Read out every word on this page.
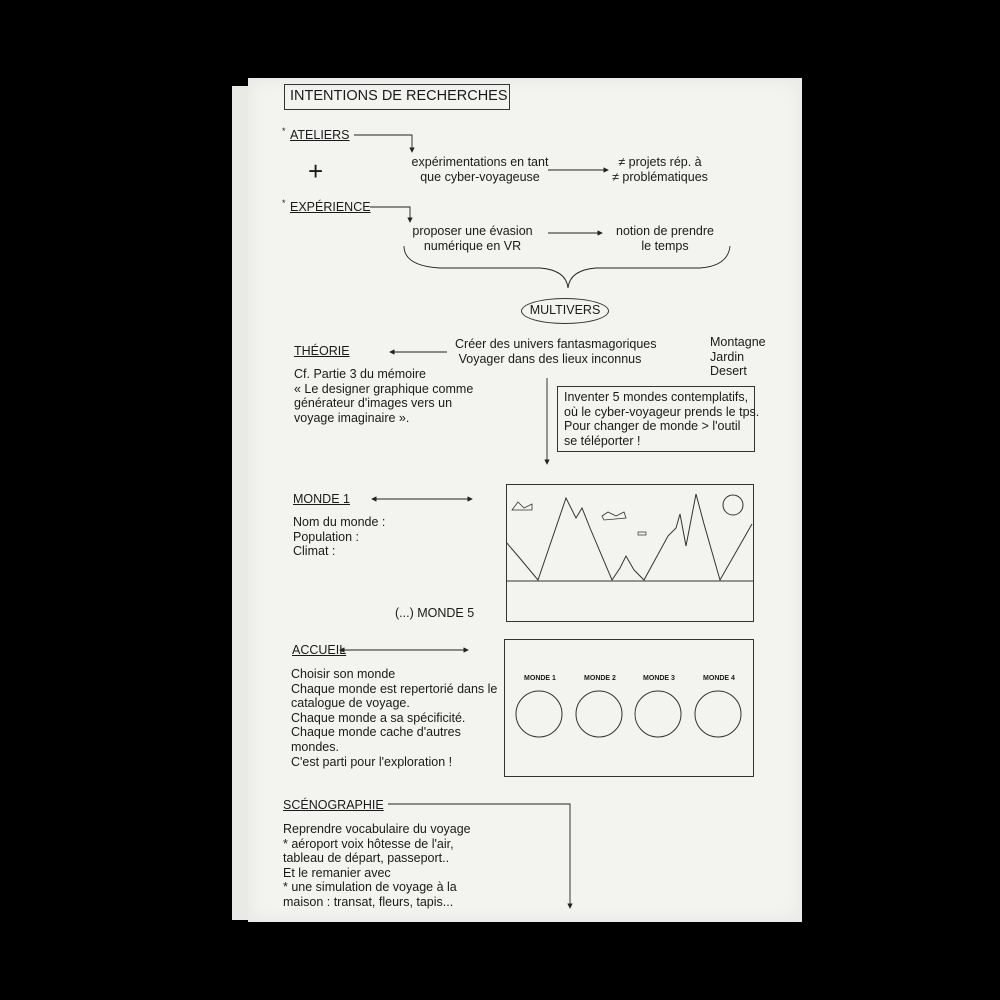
INTENTIONS DE RECHERCHES
* ATELIERS
+
* EXPÉRIENCE
expérimentations en tant
que cyber-voyageuse
≠ projets rép. à
≠ problématiques
proposer une évasion
numérique en VR
notion de prendre
le temps
MULTIVERS
THÉORIE	Créer des univers fantasmagoriques
Voyager dans des lieux inconnus
Montagne
Jardin
Desert
Cf. Partie 3 du mémoire
« Le designer graphique comme
générateur d'images vers un
voyage imaginaire ».
Inventer 5 mondes contemplatifs,
où le cyber-voyageur prends le tps.
Pour changer de monde > l'outil
se téléporter !
MONDE 1
Nom du monde :
Population :
Climat :
(...) MONDE 5
ACCUEIL
Choisir son monde
Chaque monde est repertorié dans le
catalogue de voyage.
Chaque monde a sa spécificité.
Chaque monde cache d'autres
mondes.
C'est parti pour l'exploration !
MONDE 1	MONDE 2	MONDE 3	MONDE 4
SCÉNOGRAPHIE
Reprendre vocabulaire du voyage
* aéroport voix hôtesse de l'air,
tableau de départ, passeport..
Et le remanier avec
* une simulation de voyage à la
maison : transat, fleurs, tapis...
